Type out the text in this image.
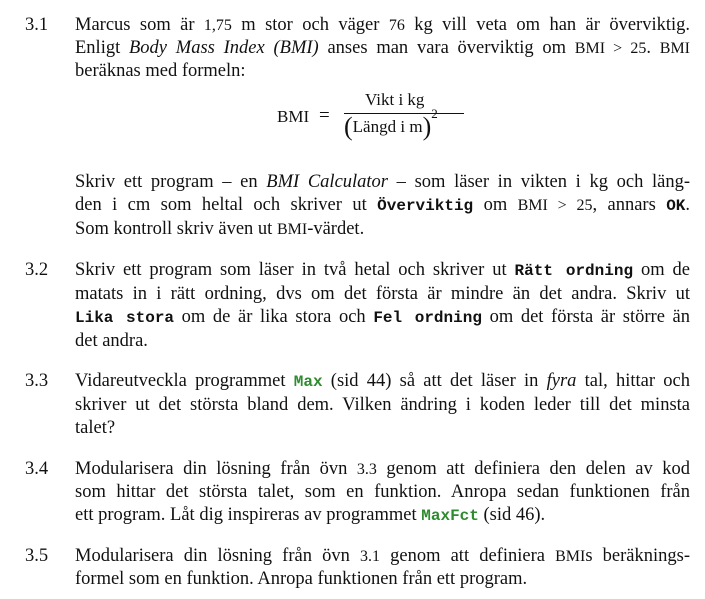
3.1 Marcus som är 1,75 m stor och väger 76 kg vill veta om han är överviktig.
Enligt Body Mass Index (BMI) anses man vara överviktig om BMI > 25. BMI
beräknas med formeln:
BMI =
Vikt i kg
(Längd i m)$^2$
Skriv ett program – en BMI Calculator – som läser in vikten i kg och läng-
den i cm som heltal och skriver ut Överviktig om BMI > 25, annars OK.
Som kontroll skriv även ut BMI-värdet.
3.2 Skriv ett program som läser in två hetal och skriver ut Rätt ordning om de
matats in i rätt ordning, dvs om det första är mindre än det andra. Skriv ut
Lika stora om de är lika stora och Fel ordning om det första är större än
det andra.
3.3 Vidareutveckla programmet Max (sid 44) så att det läser in fyra tal, hittar och
skriver ut det största bland dem. Vilken ändring i koden leder till det minsta
talet?
3.4 Modularisera din lösning från övn 3.3 genom att definiera den delen av kod
som hittar det största talet, som en funktion. Anropa sedan funktionen från
ett program. Låt dig inspireras av programmet MaxFct (sid 46).
3.5 Modularisera din lösning från övn 3.1 genom att definiera BMIs beräknings-
formel som en funktion. Anropa funktionen från ett program.
